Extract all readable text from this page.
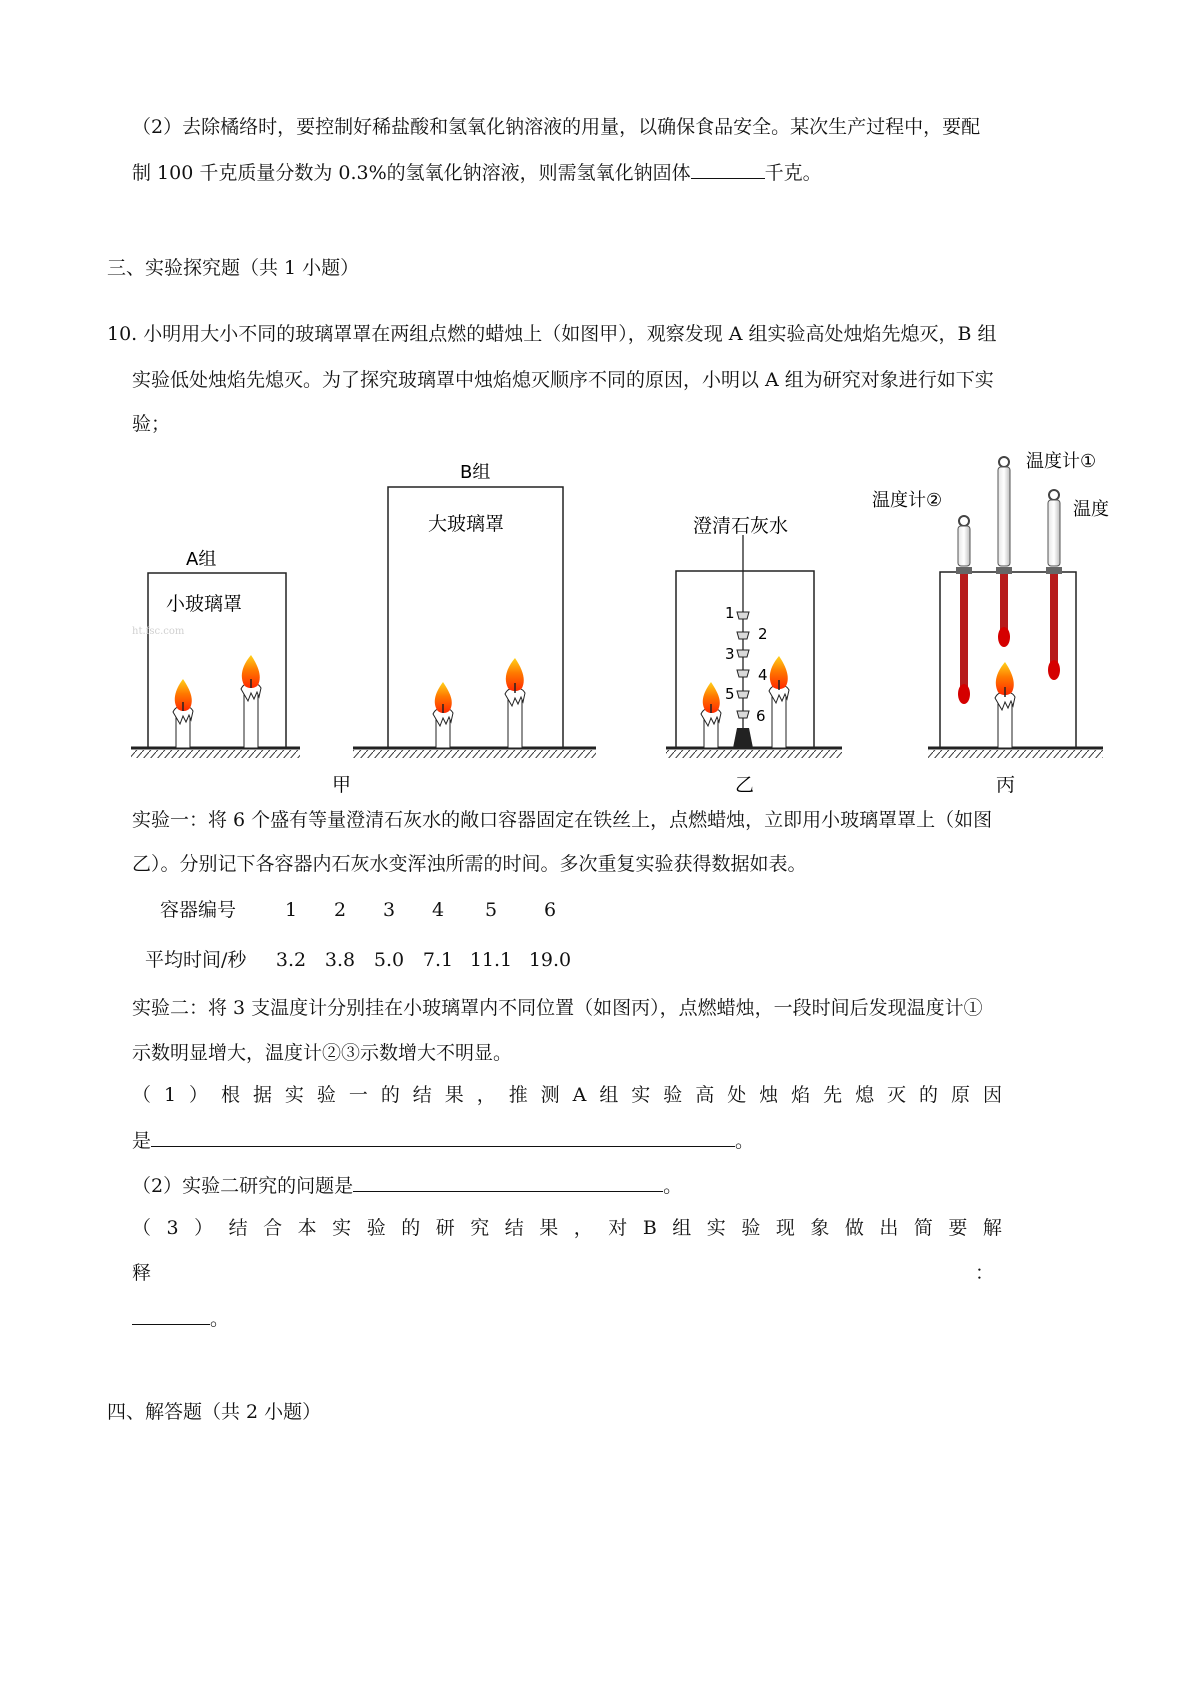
（2）去除橘络时，要控制好稀盐酸和氢氧化钠溶液的用量，以确保食品安全。某次生产过程中，要配
制 100 千克质量分数为 0.3%的氢氧化钠溶液，则需氢氧化钠固体	千克。
三、实验探究题（共 1 小题）
10. 小明用大小不同的玻璃罩罩在两组点燃的蜡烛上（如图甲），观察发现 A 组实验高处烛焰先熄灭，B 组
实验低处烛焰先熄灭。为了探究玻璃罩中烛焰熄灭顺序不同的原因，小明以 A 组为研究对象进行如下实
验；
A组
小玻璃罩
ht.fsc.com
B组
大玻璃罩	澄清石灰水
1
2
3
4
5
6
温度计②
温度计①
温度
甲	乙	丙
实验一：将 6 个盛有等量澄清石灰水的敞口容器固定在铁丝上，点燃蜡烛，立即用小玻璃罩罩上（如图
乙）。分别记下各容器内石灰水变浑浊所需的时间。多次重复实验获得数据如表。
容器编号	1	2	3	4	5	6
平均时间/秒	3.2 3.8 5.0 7.1 11.1 19.0
实验二：将 3 支温度计分别挂在小玻璃罩内不同位置（如图丙），点燃蜡烛，一段时间后发现温度计①
示数明显增大，温度计②③示数增大不明显。
（ 1 ） 根 据 实 验 一 的 结 果 ， 推 测 A 组 实 验 高 处 烛 焰 先 熄 灭 的 原 因
是	。
（2）实验二研究的问题是	。
（ 3 ） 结 合 本 实 验 的 研 究 结 果 ， 对 B 组 实 验 现 象 做 出 简 要 解
释	：
。
四、解答题（共 2 小题）
